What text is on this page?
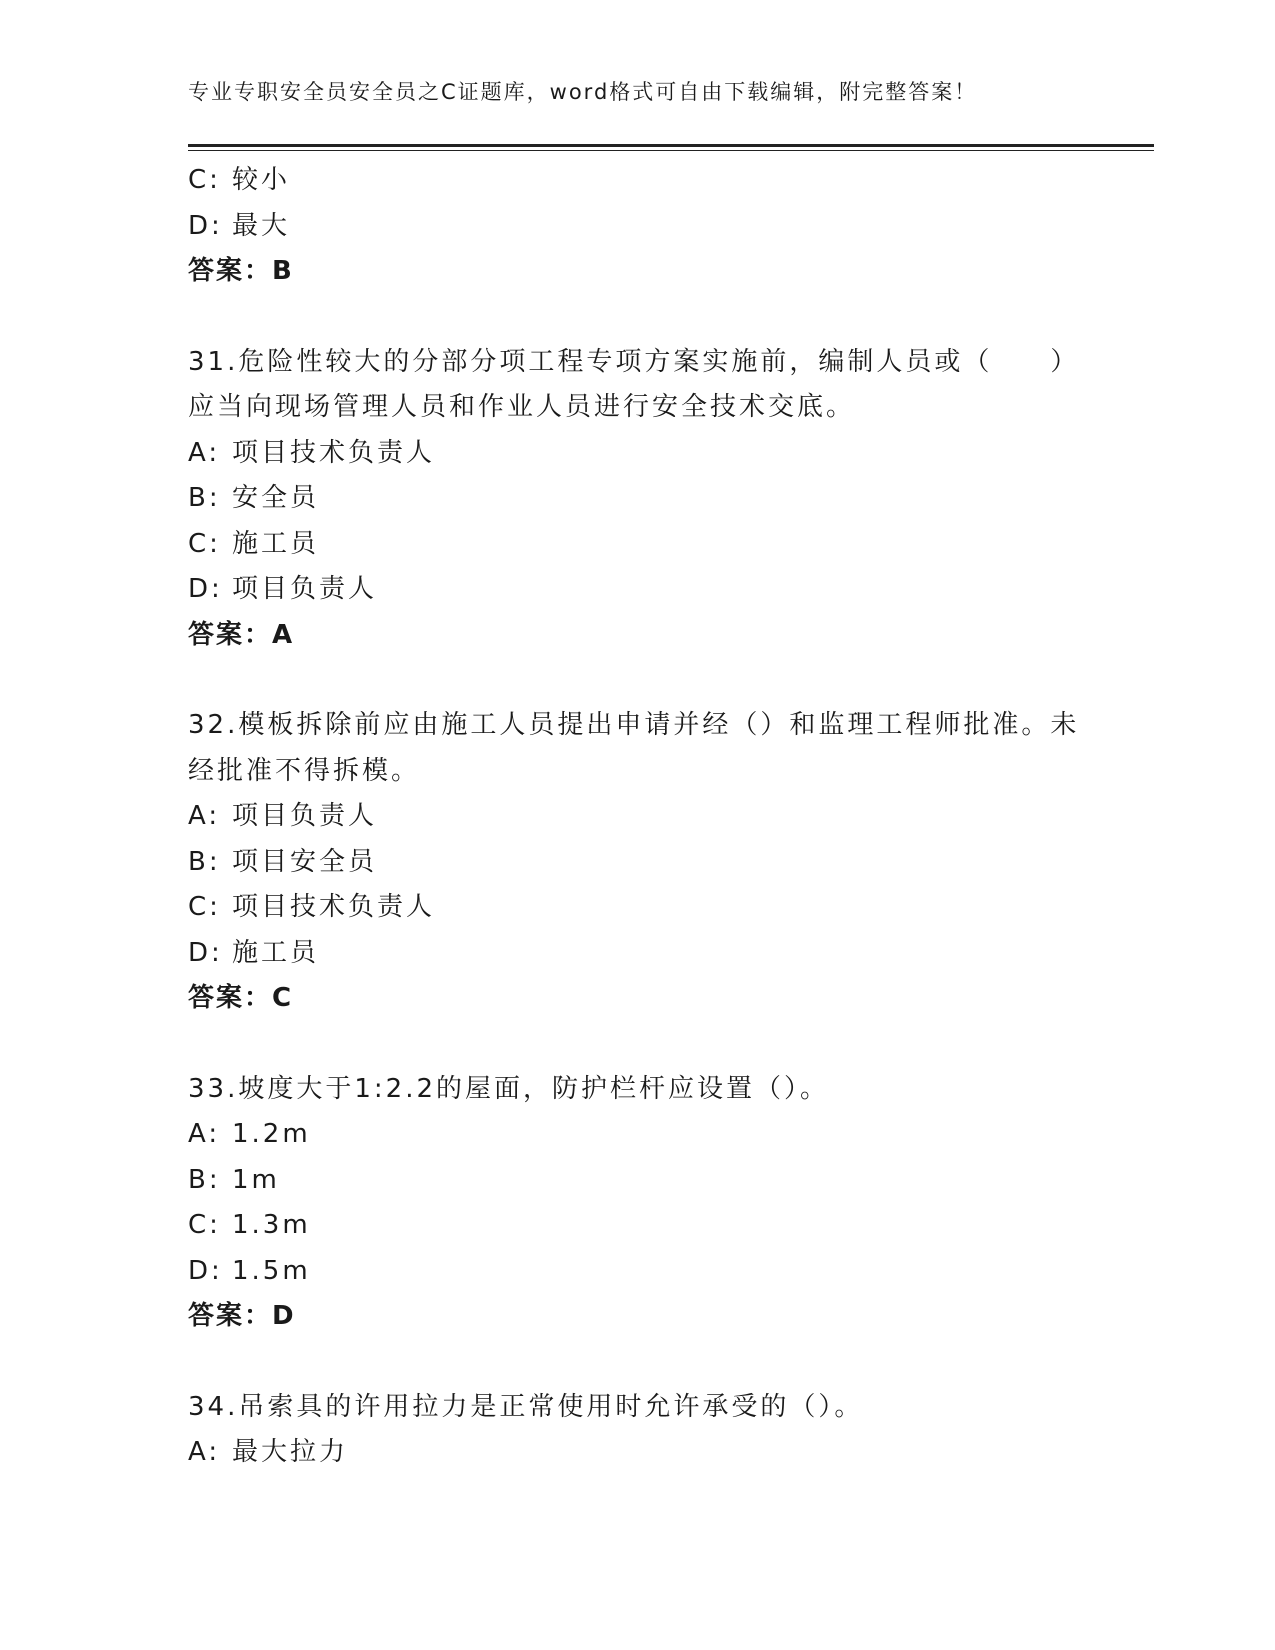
专业专职安全员安全员之C证题库，word格式可自由下载编辑，附完整答案！
C: 较小
D: 最大
答案：B
31.危险性较大的分部分项工程专项方案实施前，编制人员或（　　）
应当向现场管理人员和作业人员进行安全技术交底。
A: 项目技术负责人
B: 安全员
C: 施工员
D: 项目负责人
答案：A
32.模板拆除前应由施工人员提出申请并经（）和监理工程师批准。未
经批准不得拆模。
A: 项目负责人
B: 项目安全员
C: 项目技术负责人
D: 施工员
答案：C
33.坡度大于1:2.2的屋面，防护栏杆应设置（）。
A: 1.2m
B: 1m
C: 1.3m
D: 1.5m
答案：D
34.吊索具的许用拉力是正常使用时允许承受的（）。
A: 最大拉力
